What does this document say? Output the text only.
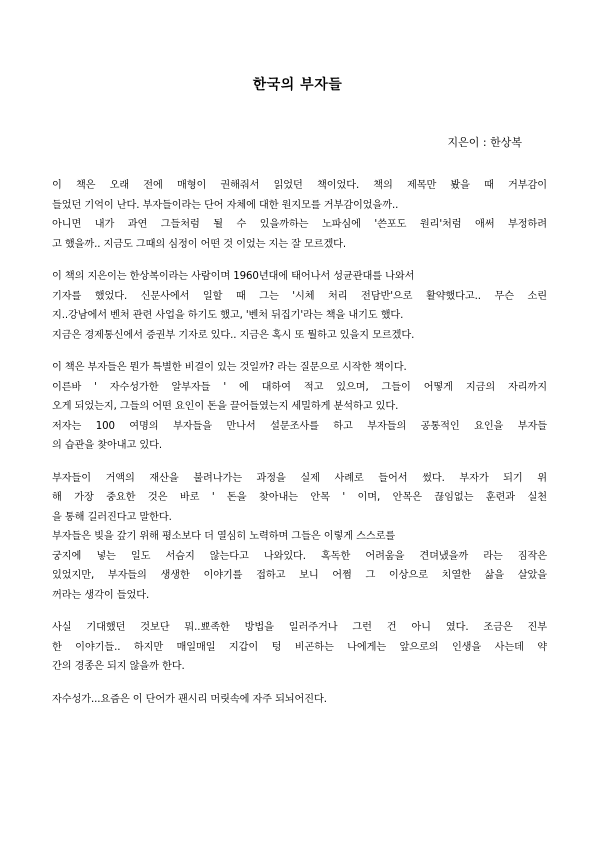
한국의 부자들
지은이 : 한상복
이 책은 오래 전에 매형이 권해줘서 읽었던 책이었다. 책의 제목만 봤을 때 거부감이
들었던 기억이 난다. 부자들이라는 단어 자체에 대한 원지모를 거부감이었을까..
아니면 내가 과연 그들처럼 될 수 있을까하는 노파심에 '쓴포도 원리'처럼 애써 부정하려
고 했을까.. 지금도 그때의 심정이 어떤 것 이었는 지는 잘 모르겠다.
이 책의 지은이는 한상복이라는 사람이며 1960년대에 태어나서 성균관대를 나와서
기자를 했었다. 신문사에서 일할 때 그는 '시체 처리 전담반'으로 활약했다고.. 무슨 소린
지..강남에서 벤처 관련 사업을 하기도 했고, '벤처 뒤집기'라는 책을 내기도 했다.
지금은 경제통신에서 증권부 기자로 있다.. 지금은 혹시 또 뭘하고 있을지 모르겠다.
이 책은 부자들은 뭔가 특별한 비결이 있는 것일까? 라는 질문으로 시작한 책이다.
이른바 ' 자수성가한 알부자들 ' 에 대하여 적고 있으며, 그들이 어떻게 지금의 자리까지
오게 되었는지, 그들의 어떤 요인이 돈을 끌어들였는지 세밀하게 분석하고 있다.
저자는 100 여명의 부자들을 만나서 설문조사를 하고 부자들의 공통적인 요인을 부자들
의 습관을 찾아내고 있다.
부자들이 거액의 재산을 불려나가는 과정을 실제 사례로 들어서 썼다. 부자가 되기 위
해 가장 중요한 것은 바로 ' 돈을 찾아내는 안목 ' 이며, 안목은 끊임없는 훈련과 실천
을 통해 길러진다고 말한다.
부자들은 빚을 갚기 위해 평소보다 더 열심히 노력하며 그들은 이렇게 스스로를
궁지에 넣는 일도 서슴지 않는다고 나와있다. 혹독한 어려움을 견뎌냈을까 라는 짐작은
있었지만, 부자들의 생생한 이야기를 접하고 보니 어쩜 그 이상으로 치열한 삶을 살았을
꺼라는 생각이 들었다.
사실 기대했던 것보단 뭐..뾰족한 방법을 일러주거나 그런 건 아니 였다. 조금은 진부
한 이야기들.. 하지만 매일매일 지갑이 텅 비곤하는 나에게는 앞으로의 인생을 사는데 약
간의 경종은 되지 않을까 한다.
자수성가...요즘은 이 단어가 괜시리 머릿속에 자주 되뇌어진다.
